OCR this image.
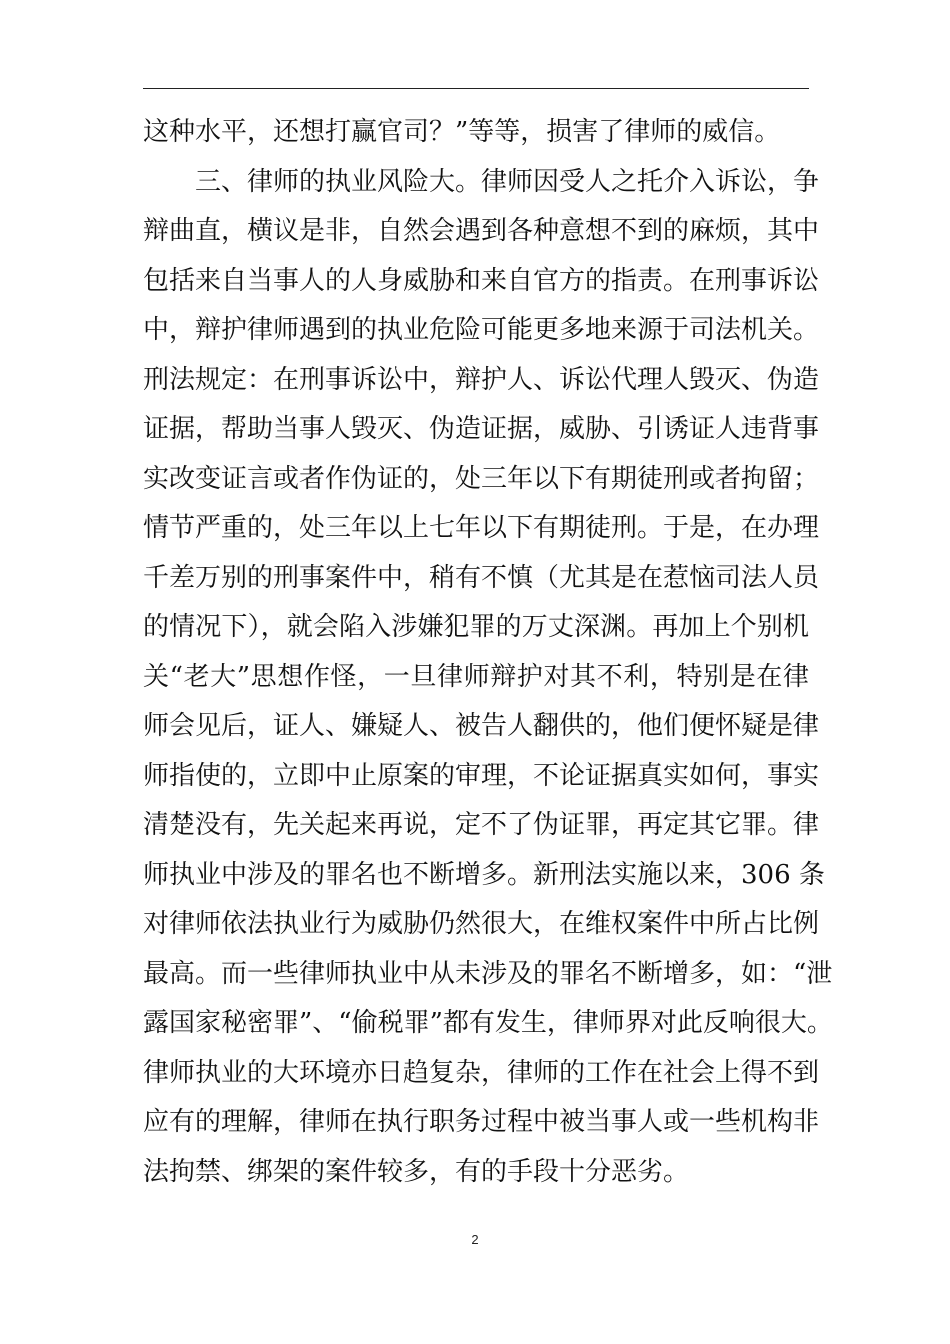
这种水平，还想打赢官司？”等等，损害了律师的威信。
三、律师的执业风险大。律师因受人之托介入诉讼，争
辩曲直，横议是非，自然会遇到各种意想不到的麻烦，其中
包括来自当事人的人身威胁和来自官方的指责。在刑事诉讼
中，辩护律师遇到的执业危险可能更多地来源于司法机关。
刑法规定：在刑事诉讼中，辩护人、诉讼代理人毁灭、伪造
证据，帮助当事人毁灭、伪造证据，威胁、引诱证人违背事
实改变证言或者作伪证的，处三年以下有期徒刑或者拘留；
情节严重的，处三年以上七年以下有期徒刑。于是，在办理
千差万别的刑事案件中，稍有不慎（尤其是在惹恼司法人员
的情况下），就会陷入涉嫌犯罪的万丈深渊。再加上个别机
关“老大”思想作怪，一旦律师辩护对其不利，特别是在律
师会见后，证人、嫌疑人、被告人翻供的，他们便怀疑是律
师指使的，立即中止原案的审理，不论证据真实如何，事实
清楚没有，先关起来再说，定不了伪证罪，再定其它罪。律
师执业中涉及的罪名也不断增多。新刑法实施以来，306 条
对律师依法执业行为威胁仍然很大，在维权案件中所占比例
最高。而一些律师执业中从未涉及的罪名不断增多，如：“泄
露国家秘密罪”、“偷税罪”都有发生，律师界对此反响很大。
律师执业的大环境亦日趋复杂，律师的工作在社会上得不到
应有的理解，律师在执行职务过程中被当事人或一些机构非
法拘禁、绑架的案件较多，有的手段十分恶劣。
2
